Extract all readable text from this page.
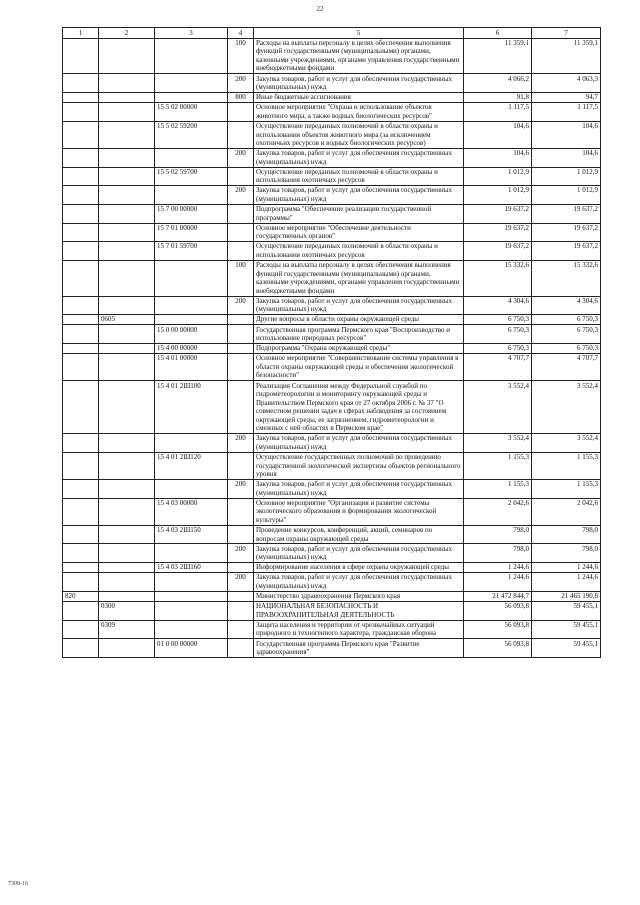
22
1	2	3	4	5	6	7
			100	Расходы на выплаты персоналу в целях обеспечения выполнения функций государственными (муниципальными) органами, казенными учреждениями, органами управления государственными внебюджетными фондами	11 359,1	11 359,1
			200	Закупка товаров, работ и услуг для обеспечения государственных (муниципальных) нужд	4 066,2	4 063,3
			800	Иные бюджетные ассигнования	91,8	94,7
		15 5 02 00000		Основное мероприятие "Охрана и использование объектов животного мира, а также водных биологических ресурсов"	1 117,5	1 117,5
		15 5 02 59200		Осуществление переданных полномочий в области охраны и использования объектов животного мира (за исключением охотничьих ресурсов и водных биологических ресурсов)	104,6	104,6
			200	Закупка товаров, работ и услуг для обеспечения государственных (муниципальных) нужд	104,6	104,6
		15 5 02 59700		Осуществление переданных полномочий в области охраны и использования охотничьих ресурсов	1 012,9	1 012,9
			200	Закупка товаров, работ и услуг для обеспечения государственных (муниципальных) нужд	1 012,9	1 012,9
		15 7 00 00000		Подпрограмма "Обеспечение реализации государственной программы"	19 637,2	19 637,2
		15 7 01 00000		Основное мероприятие "Обеспечение деятельности государственных органов"	19 637,2	19 637,2
		15 7 01 59700		Осуществление переданных полномочий в области охраны и использования охотничьих ресурсов	19 637,2	19 637,2
			100	Расходы на выплаты персоналу в целях обеспечения выполнения функций государственными (муниципальными) органами, казенными учреждениями, органами управления государственными внебюджетными фондами	15 332,6	15 332,6
			200	Закупка товаров, работ и услуг для обеспечения государственных (муниципальных) нужд	4 304,6	4 304,6
	0605			Другие вопросы в области охраны окружающей среды	6 750,3	6 750,3
		15 0 00 00000		Государственная программа Пермского края "Воспроизводство и использование природных ресурсов"	6 750,3	6 750,3
		15 4 00 00000		Подпрограмма "Охрана окружающей среды"	6 750,3	6 750,3
		15 4 01 00000		Основное мероприятие "Совершенствование системы управления в области охраны окружающей среды и обеспечения экологической безопасности"	4 707,7	4 707,7
		15 4 01 2Ш100		Реализация Соглашения между Федеральной службой по гидрометеорологии и мониторингу окружающей среды и Правительством Пермского края от 27 октября 2006 г. № 37 "О совместном решении задач в сферах наблюдения за состоянием окружающей среды, ее загрязнением, гидрометеорологии и смежных с ней областях в Пермском крае"	3 552,4	3 552,4
			200	Закупка товаров, работ и услуг для обеспечения государственных (муниципальных) нужд	3 552,4	3 552,4
		15 4 01 2Ш120		Осуществление государственных полномочий по проведению государственной экологической экспертизы объектов регионального уровня	1 155,3	1 155,3
			200	Закупка товаров, работ и услуг для обеспечения государственных (муниципальных) нужд	1 155,3	1 155,3
		15 4 03 00000		Основное мероприятие "Организация и развитие системы экологического образования и формирования экологической культуры"	2 042,6	2 042,6
		15 4 03 2Ш150		Проведение конкурсов, конференций, акций, семинаров по вопросам охраны окружающей среды	798,0	798,0
			200	Закупка товаров, работ и услуг для обеспечения государственных (муниципальных) нужд	798,0	798,0
		15 4 03 2Ш160		Информирование населения в сфере охраны окружающей среды	1 244,6	1 244,6
			200	Закупка товаров, работ и услуг для обеспечения государственных (муниципальных) нужд	1 244,6	1 244,6
820				Министерство здравоохранения Пермского края	21 472 844,7	21 465 190,8
	0300			НАЦИОНАЛЬНАЯ БЕЗОПАСНОСТЬ И ПРАВООХРАНИТЕЛЬНАЯ ДЕЯТЕЛЬНОСТЬ	56 093,8	59 455,1
	0309			Защита населения и территории от чрезвычайных ситуаций природного и техногенного характера, гражданская оборона	56 093,8	59 455,1
		01 0 00 00000		Государственная программа Пермского края "Развитие здравоохранения"	56 093,8	59 455,1
7308-16
